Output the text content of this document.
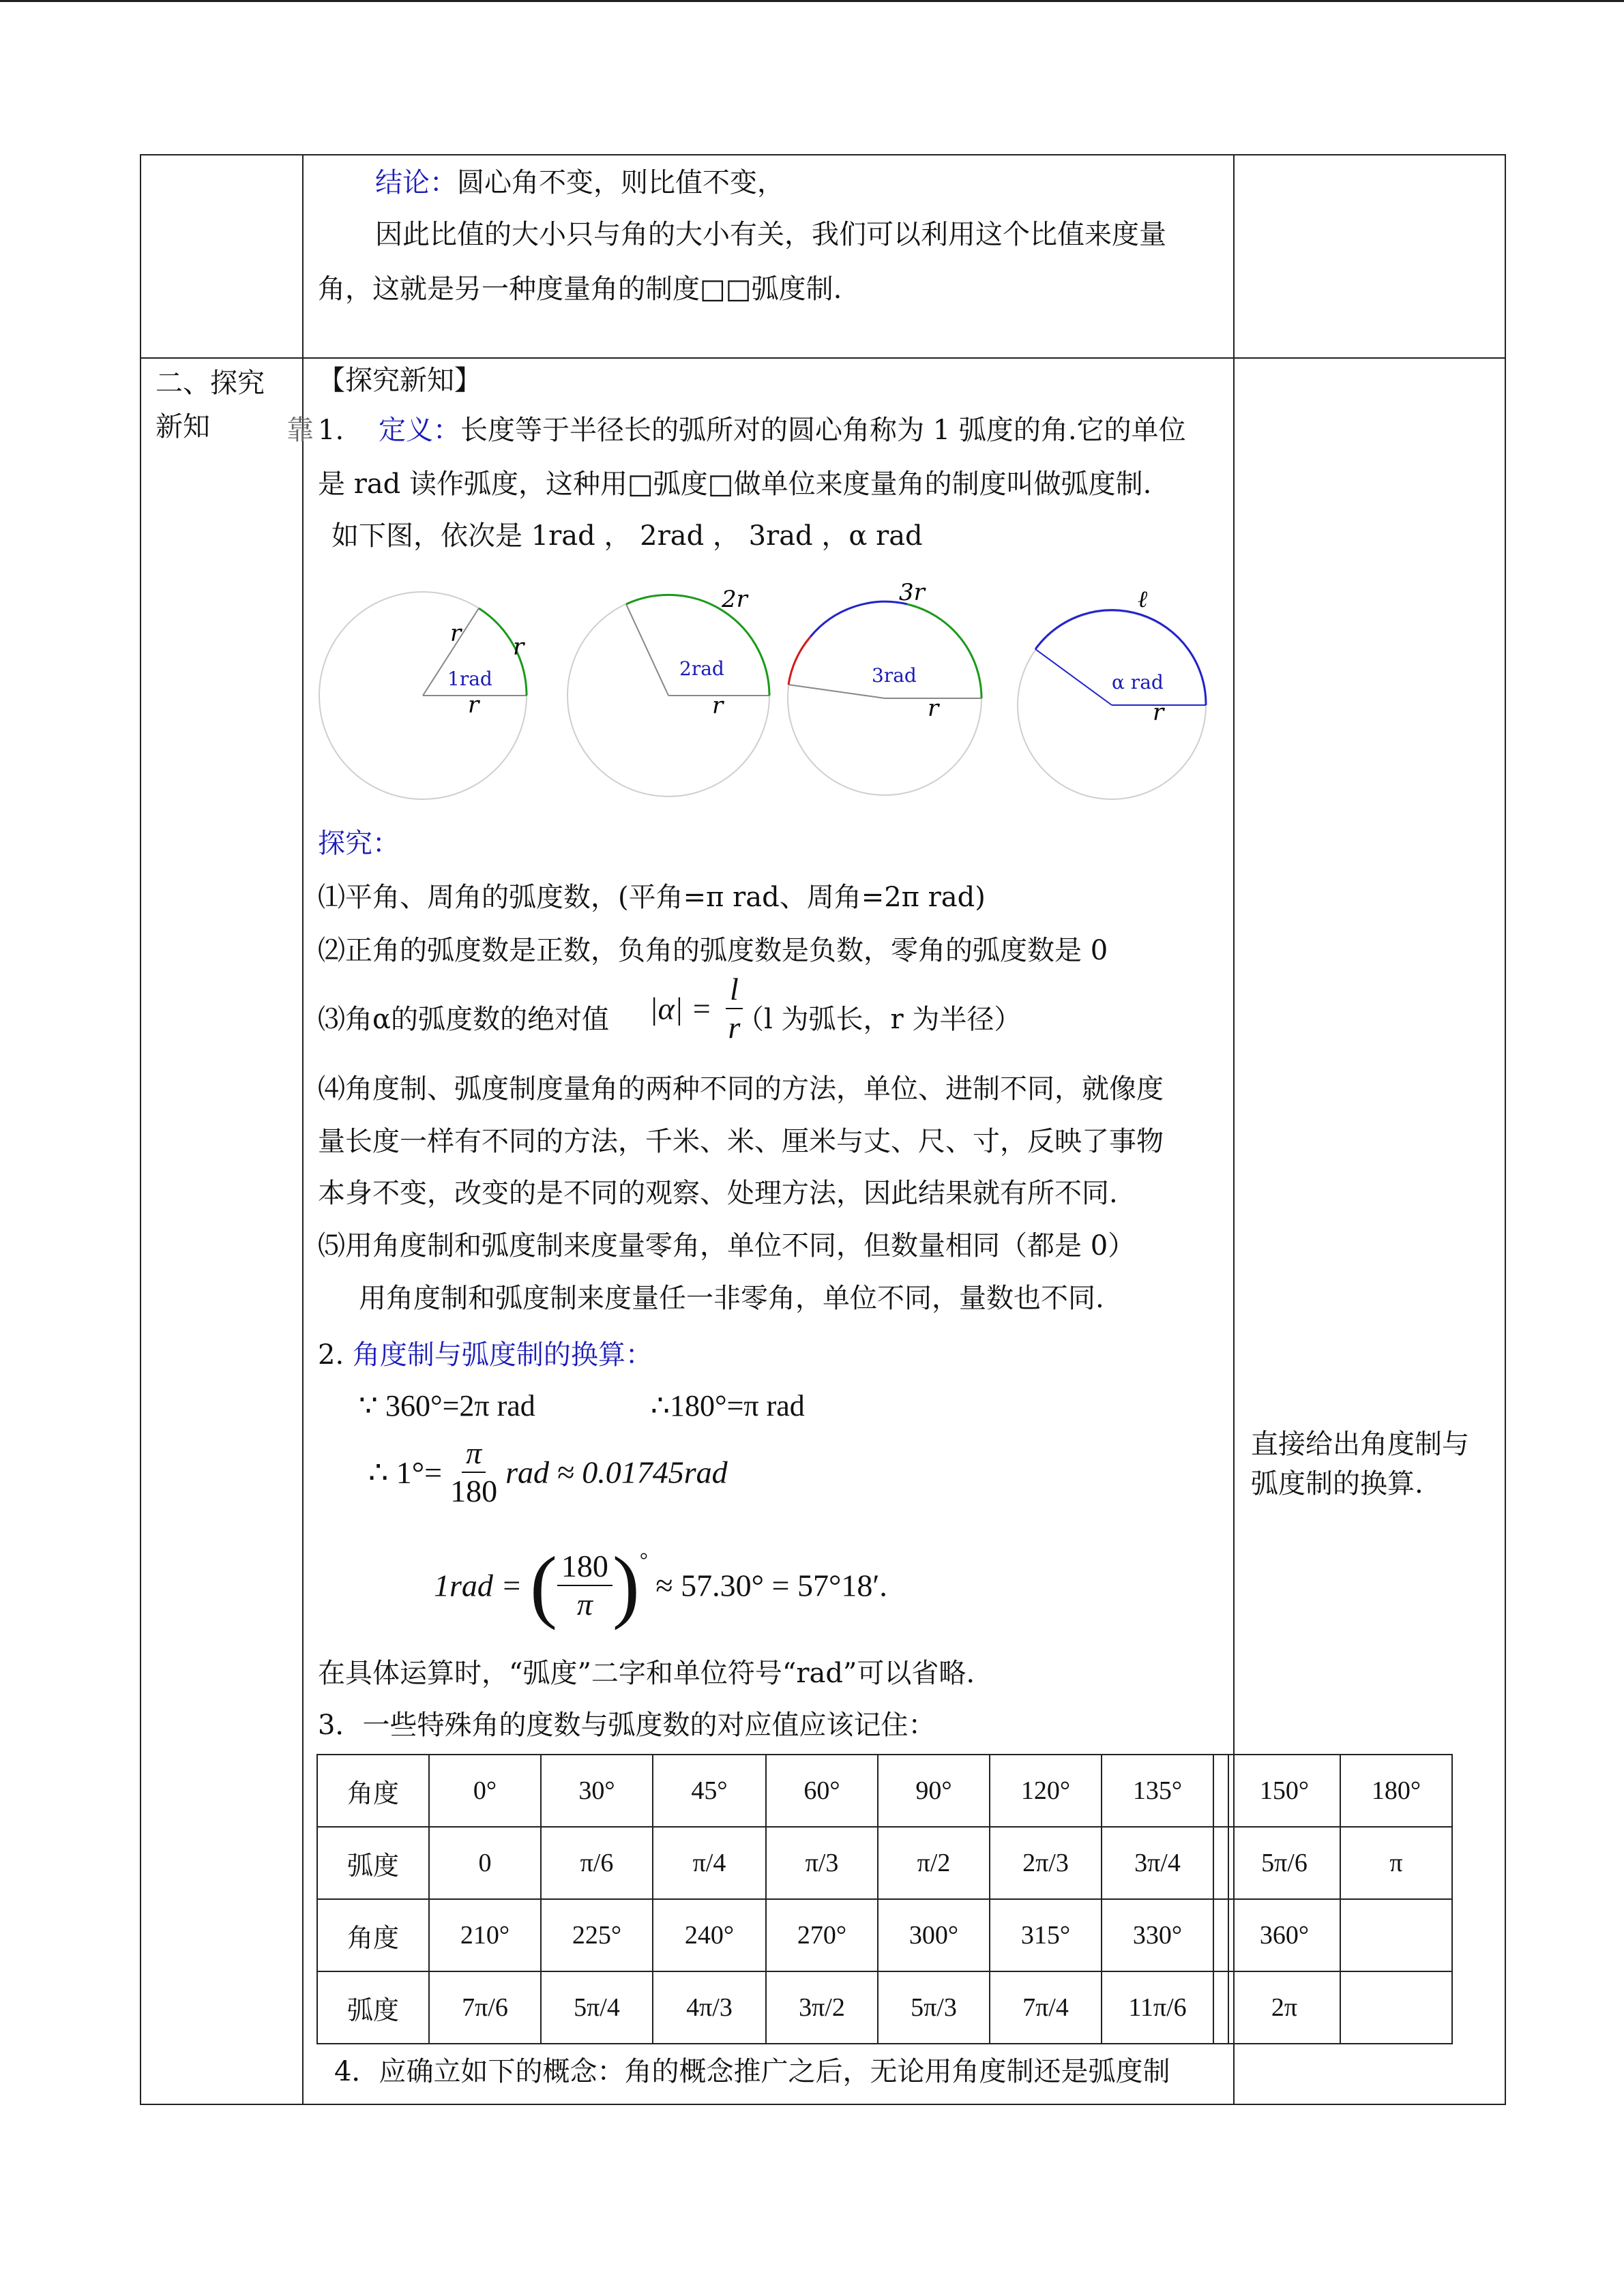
结论：圆心角不变，则比值不变，
因此比值的大小只与角的大小有关，我们可以利用这个比值来度量
角，这就是另一种度量角的制度□□弧度制.
二、探究
新知
【探究新知】
靠 1. 定义：长度等于半径长的弧所对的圆心角称为 1 弧度的角.它的单位
是 rad 读作弧度，这种用□弧度□做单位来度量角的制度叫做弧度制.
如下图，依次是 1rad ， 2rad ， 3rad ，α rad
1rad
r r
r
2rad
2r
r
3rad
3r
r
α rad
ℓ
r
探究：
⑴平角、周角的弧度数，(平角=π rad、周角=2π rad)
⑵正角的弧度数是正数，负角的弧度数是负数，零角的弧度数是 0
⑶角α的弧度数的绝对值 $|\alpha| = \frac{l}{r}$
（l 为弧长，r 为半径）
⑷角度制、弧度制度量角的两种不同的方法，单位、进制不同，就像度
量长度一样有不同的方法，千米、米、厘米与丈、尺、寸，反映了事物
本身不变，改变的是不同的观察、处理方法，因此结果就有所不同.
⑸用角度制和弧度制来度量零角，单位不同，但数量相同（都是 0）
用角度制和弧度制来度量任一非零角，单位不同，量数也不同.
2. 角度制与弧度制的换算：
∵ 360°=2π rad	∴180°=π rad
∴ $1^\circ= \frac{\pi}{180}$ rad ≈ 0.01745rad
1rad = ( $\frac{180}{\pi} )^\circ \approx 57.30^\circ = 57^\circ 18'$.
在具体运算时，“弧度”二字和单位符号“rad”可以省略.
3．一些特殊角的度数与弧度数的对应值应该记住：
角度	0°	30°	45°	60°	90°	120°	135°		150°	180°
弧度	0	π/6	π/4	π/3	π/2	2π/3	3π/4		5π/6	π
角度	210°	225°	240°	270°	300°	315°	330°		360°	
弧度	7π/6	5π/4	4π/3	3π/2	5π/3	7π/4	11π/6		2π	
直接给出角度制与
弧度制的换算.
4．应确立如下的概念：角的概念推广之后，无论用角度制还是弧度制
